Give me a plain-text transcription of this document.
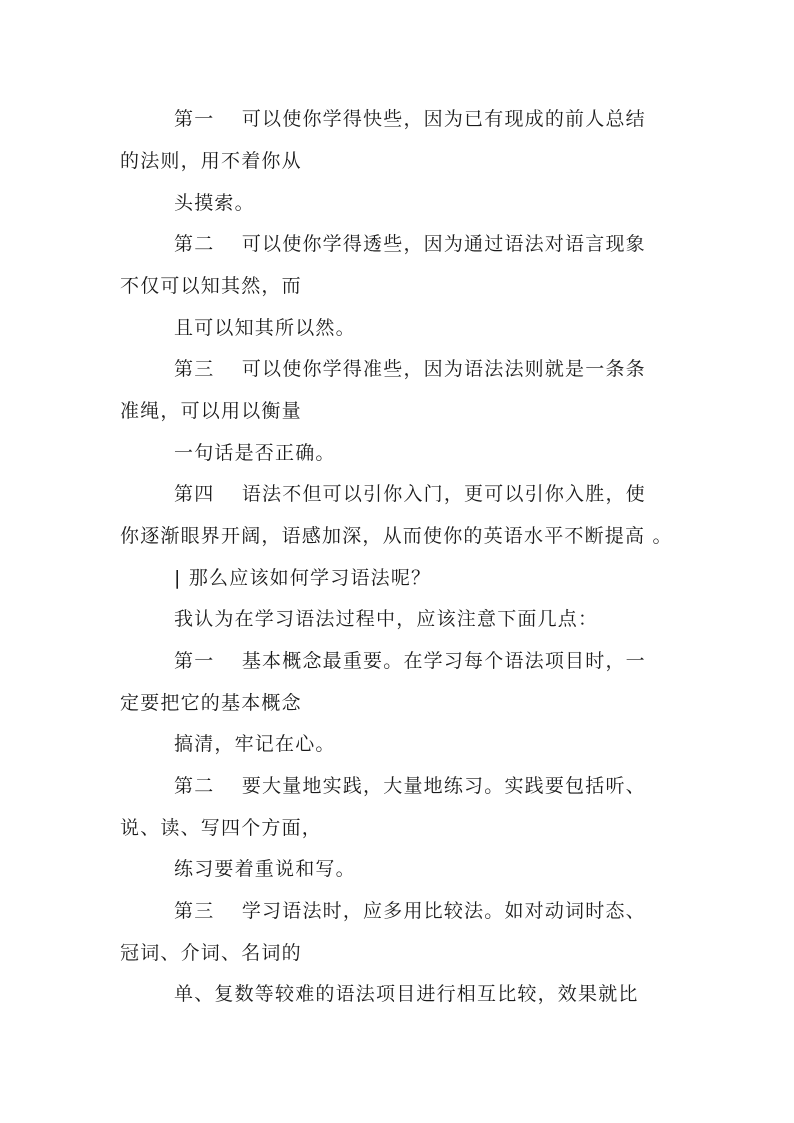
第一　 可以使你学得快些，因为已有现成的前人总结
的法则，用不着你从
头摸索。
第二　 可以使你学得透些，因为通过语法对语言现象
不仅可以知其然，而
且可以知其所以然。
第三　 可以使你学得准些，因为语法法则就是一条条
准绳，可以用以衡量
一句话是否正确。
第四　 语法不但可以引你入门，更可以引你入胜，使
你逐渐眼界开阔，语感加深，从而使你的英语水平不断提高 。
| 那么应该如何学习语法呢？
我认为在学习语法过程中，应该注意下面几点：
第一　 基本概念最重要。在学习每个语法项目时，一
定要把它的基本概念
搞清，牢记在心。
第二　 要大量地实践，大量地练习。实践要包括听、
说、读、写四个方面，
练习要着重说和写。
第三　 学习语法时，应多用比较法。如对动词时态、
冠词、介词、名词的
单、复数等较难的语法项目进行相互比较，效果就比
